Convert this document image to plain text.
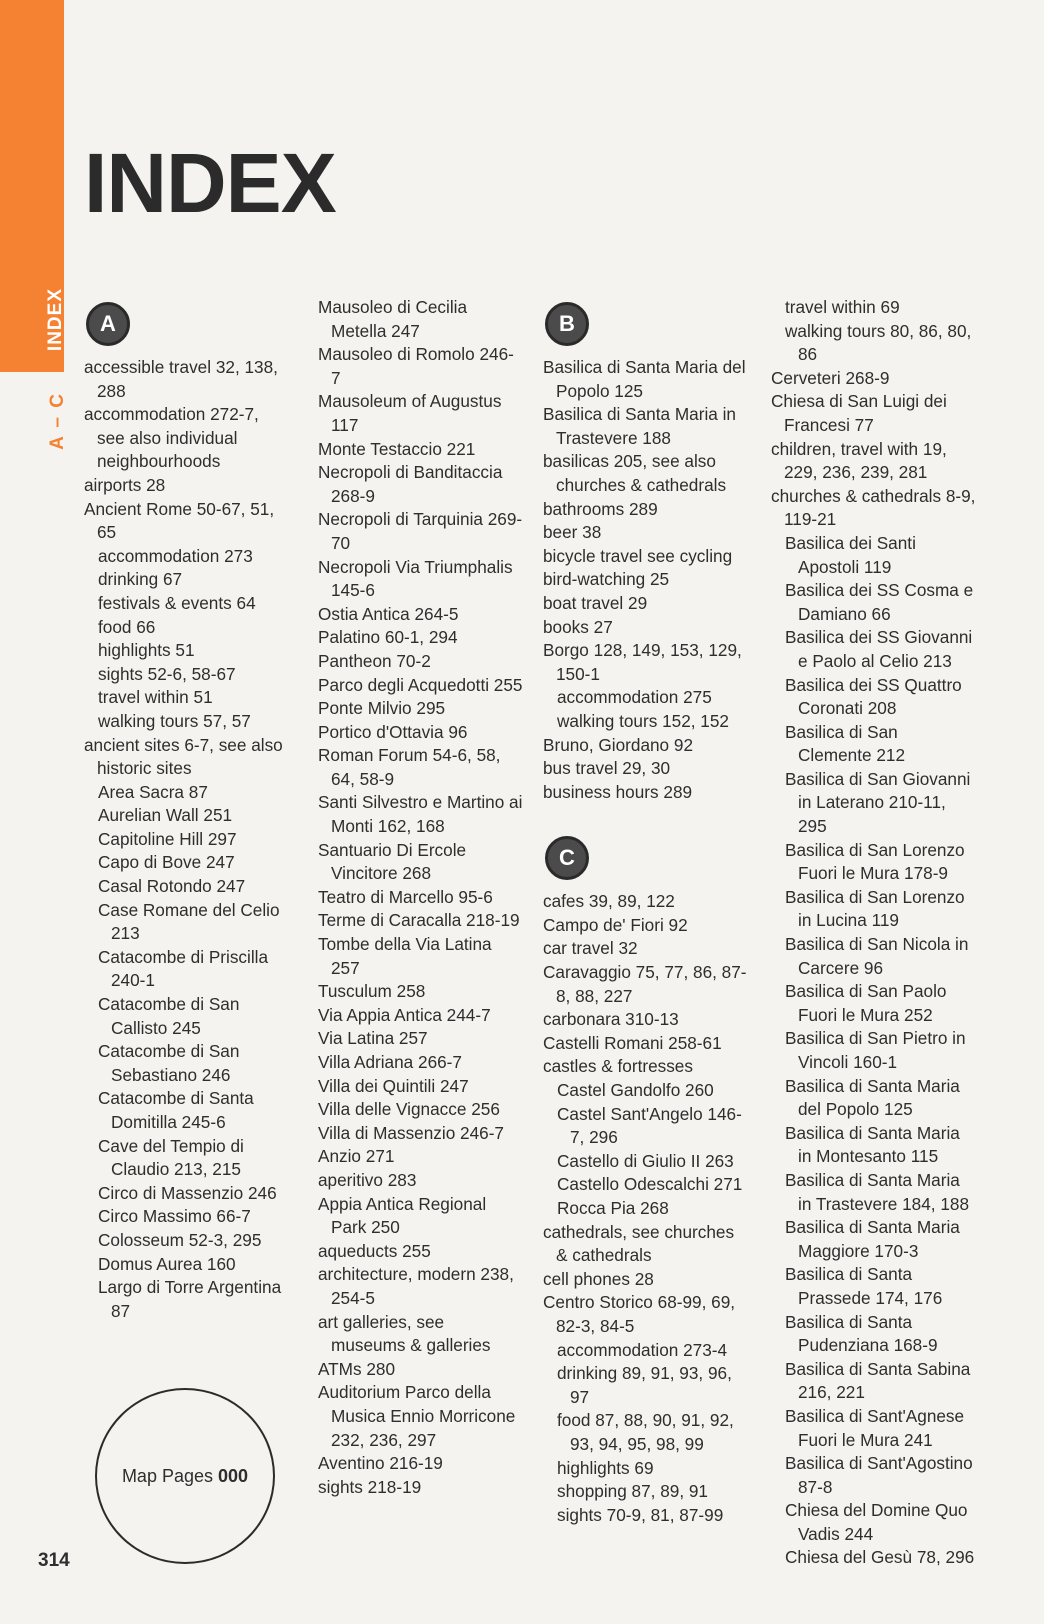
INDEX
A – C
INDEX
A
accessible travel 32, 138, 288
accommodation 272-7, see also individual neighbourhoods
airports 28
Ancient Rome 50-67, 51, 65
accommodation 273
drinking 67
festivals & events 64
food 66
highlights 51
sights 52-6, 58-67
travel within 51
walking tours 57, 57
ancient sites 6-7, see also historic sites
Area Sacra 87
Aurelian Wall 251
Capitoline Hill 297
Capo di Bove 247
Casal Rotondo 247
Case Romane del Celio 213
Catacombe di Priscilla 240-1
Catacombe di San Callisto 245
Catacombe di San Sebastiano 246
Catacombe di Santa Domitilla 245-6
Cave del Tempio di Claudio 213, 215
Circo di Massenzio 246
Circo Massimo 66-7
Colosseum 52-3, 295
Domus Aurea 160
Largo di Torre Argentina 87
Mausoleo di Cecilia Metella 247
Mausoleo di Romolo 246-7
Mausoleum of Augustus 117
Monte Testaccio 221
Necropoli di Banditaccia 268-9
Necropoli di Tarquinia 269-70
Necropoli Via Triumphalis 145-6
Ostia Antica 264-5
Palatino 60-1, 294
Pantheon 70-2
Parco degli Acquedotti 255
Ponte Milvio 295
Portico d'Ottavia 96
Roman Forum 54-6, 58, 64, 58-9
Santi Silvestro e Martino ai Monti 162, 168
Santuario Di Ercole Vincitore 268
Teatro di Marcello 95-6
Terme di Caracalla 218-19
Tombe della Via Latina 257
Tusculum 258
Via Appia Antica 244-7
Via Latina 257
Villa Adriana 266-7
Villa dei Quintili 247
Villa delle Vignacce 256
Villa di Massenzio 246-7
Anzio 271
aperitivo 283
Appia Antica Regional Park 250
aqueducts 255
architecture, modern 238, 254-5
art galleries, see museums & galleries
ATMs 280
Auditorium Parco della Musica Ennio Morricone 232, 236, 297
Aventino 216-19
sights 218-19
B
Basilica di Santa Maria del Popolo 125
Basilica di Santa Maria in Trastevere 188
basilicas 205, see also churches & cathedrals
bathrooms 289
beer 38
bicycle travel see cycling
bird-watching 25
boat travel 29
books 27
Borgo 128, 149, 153, 129, 150-1
accommodation 275
walking tours 152, 152
Bruno, Giordano 92
bus travel 29, 30
business hours 289
C
cafes 39, 89, 122
Campo de' Fiori 92
car travel 32
Caravaggio 75, 77, 86, 87-8, 88, 227
carbonara 310-13
Castelli Romani 258-61
castles & fortresses
Castel Gandolfo 260
Castel Sant'Angelo 146-7, 296
Castello di Giulio II 263
Castello Odescalchi 271
Rocca Pia 268
cathedrals, see churches & cathedrals
cell phones 28
Centro Storico 68-99, 69, 82-3, 84-5
accommodation 273-4
drinking 89, 91, 93, 96, 97
food 87, 88, 90, 91, 92, 93, 94, 95, 98, 99
highlights 69
shopping 87, 89, 91
sights 70-9, 81, 87-99
travel within 69
walking tours 80, 86, 80, 86
Cerveteri 268-9
Chiesa di San Luigi dei Francesi 77
children, travel with 19, 229, 236, 239, 281
churches & cathedrals 8-9, 119-21
Basilica dei Santi Apostoli 119
Basilica dei SS Cosma e Damiano 66
Basilica dei SS Giovanni e Paolo al Celio 213
Basilica dei SS Quattro Coronati 208
Basilica di San Clemente 212
Basilica di San Giovanni in Laterano 210-11, 295
Basilica di San Lorenzo Fuori le Mura 178-9
Basilica di San Lorenzo in Lucina 119
Basilica di San Nicola in Carcere 96
Basilica di San Paolo Fuori le Mura 252
Basilica di San Pietro in Vincoli 160-1
Basilica di Santa Maria del Popolo 125
Basilica di Santa Maria in Montesanto 115
Basilica di Santa Maria in Trastevere 184, 188
Basilica di Santa Maria Maggiore 170-3
Basilica di Santa Prassede 174, 176
Basilica di Santa Pudenziana 168-9
Basilica di Santa Sabina 216, 221
Basilica di Sant'Agnese Fuori le Mura 241
Basilica di Sant'Agostino 87-8
Chiesa del Domine Quo Vadis 244
Chiesa del Gesù 78, 296
Map Pages 000
314
